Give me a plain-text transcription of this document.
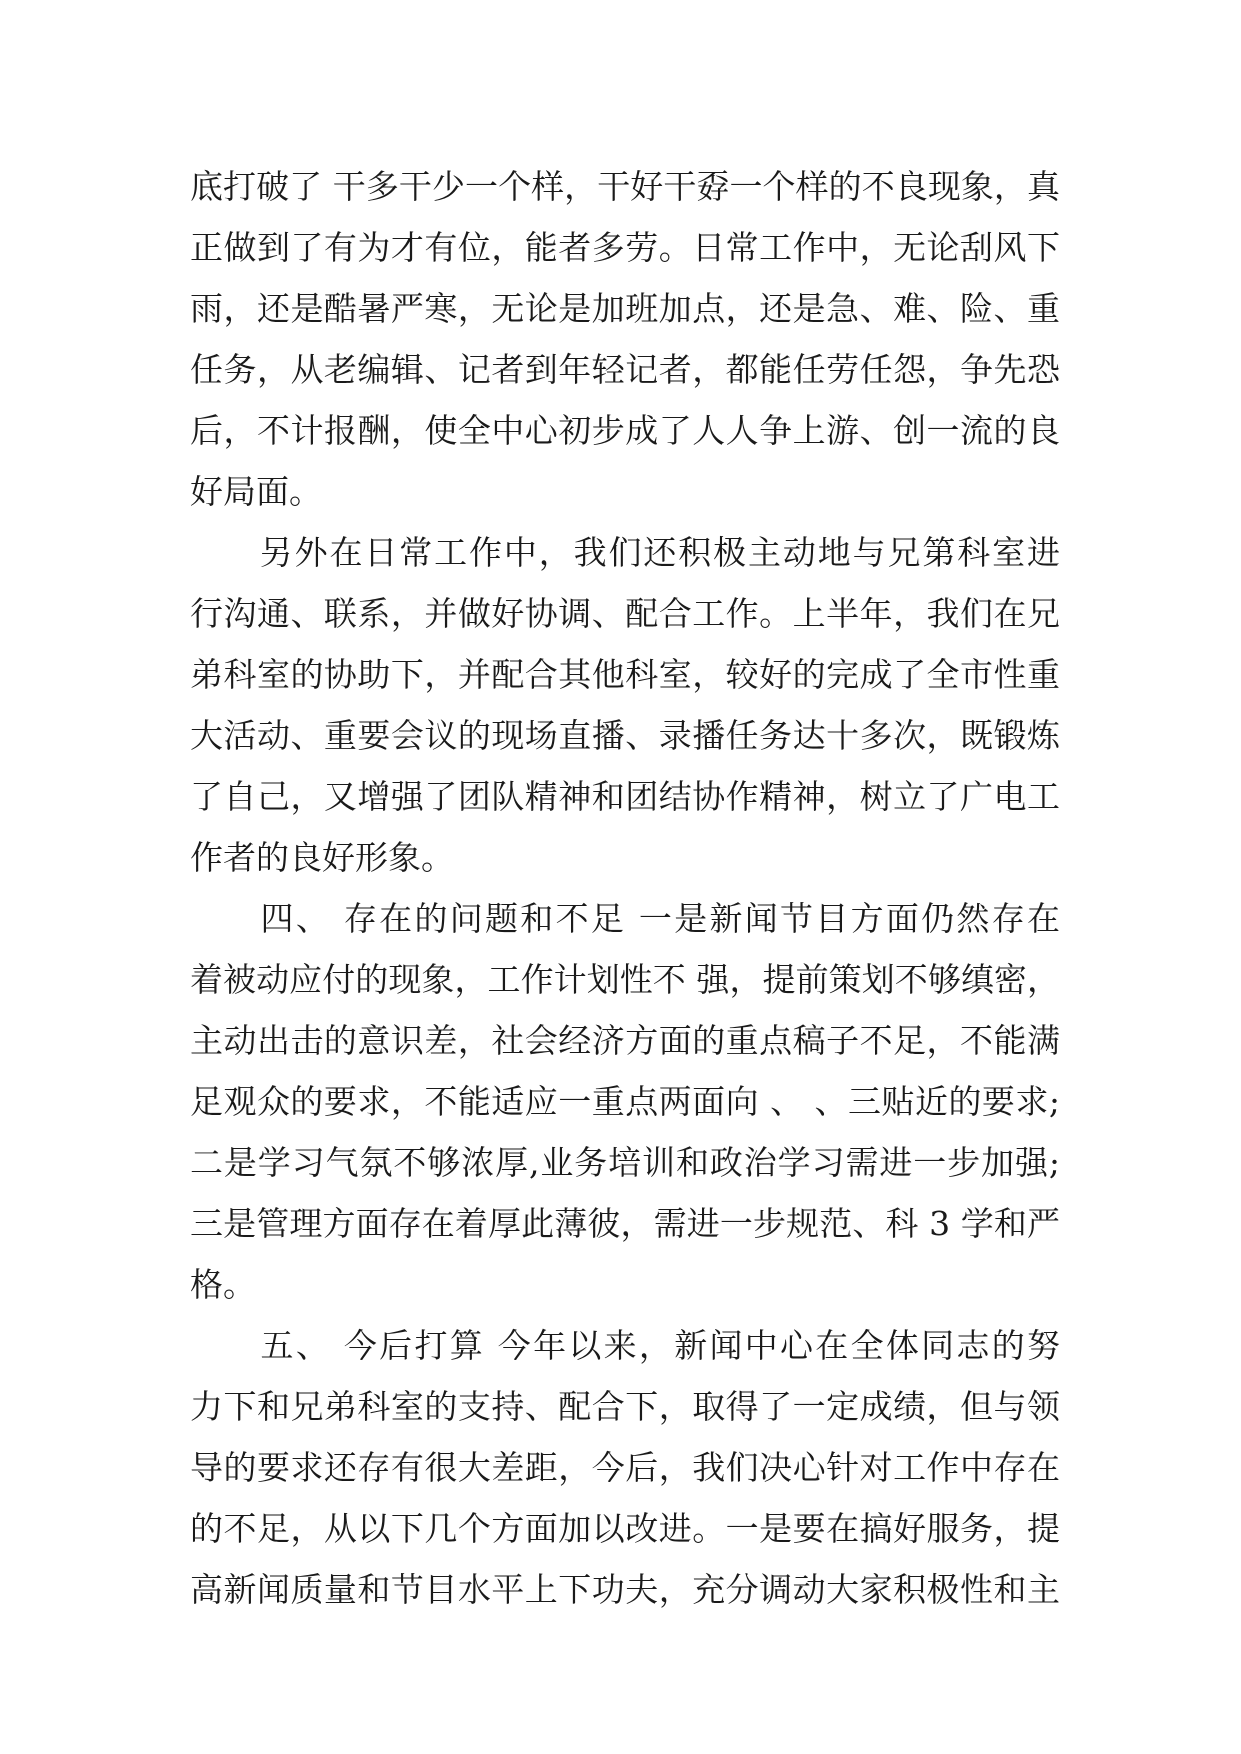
底打破了 干多干少一个样，干好干孬一个样的不良现象，真
正做到了有为才有位，能者多劳。日常工作中，无论刮风下
雨，还是酷暑严寒，无论是加班加点，还是急、难、险、重
任务，从老编辑、记者到年轻记者，都能任劳任怨，争先恐
后，不计报酬，使全中心初步成了人人争上游、创一流的良
好局面。
　　另外在日常工作中，我们还积极主动地与兄第科室进
行沟通、联系，并做好协调、配合工作。上半年，我们在兄
弟科室的协助下，并配合其他科室，较好的完成了全市性重
大活动、重要会议的现场直播、录播任务达十多次，既锻炼
了自己，又增强了团队精神和团结协作精神，树立了广电工
作者的良好形象。
　　四、 存在的问题和不足 一是新闻节目方面仍然存在
着被动应付的现象，工作计划性不 强，提前策划不够缜密，
主动出击的意识差，社会经济方面的重点稿子不足，不能满
足观众的要求，不能适应一重点两面向 、 、三贴近的要求;
二是学习气氛不够浓厚,业务培训和政治学习需进一步加强;
三是管理方面存在着厚此薄彼，需进一步规范、科 3 学和严
格。
　　五、 今后打算 今年以来，新闻中心在全体同志的努
力下和兄弟科室的支持、配合下，取得了一定成绩，但与领
导的要求还存有很大差距，今后，我们决心针对工作中存在
的不足，从以下几个方面加以改进。一是要在搞好服务，提
高新闻质量和节目水平上下功夫，充分调动大家积极性和主
